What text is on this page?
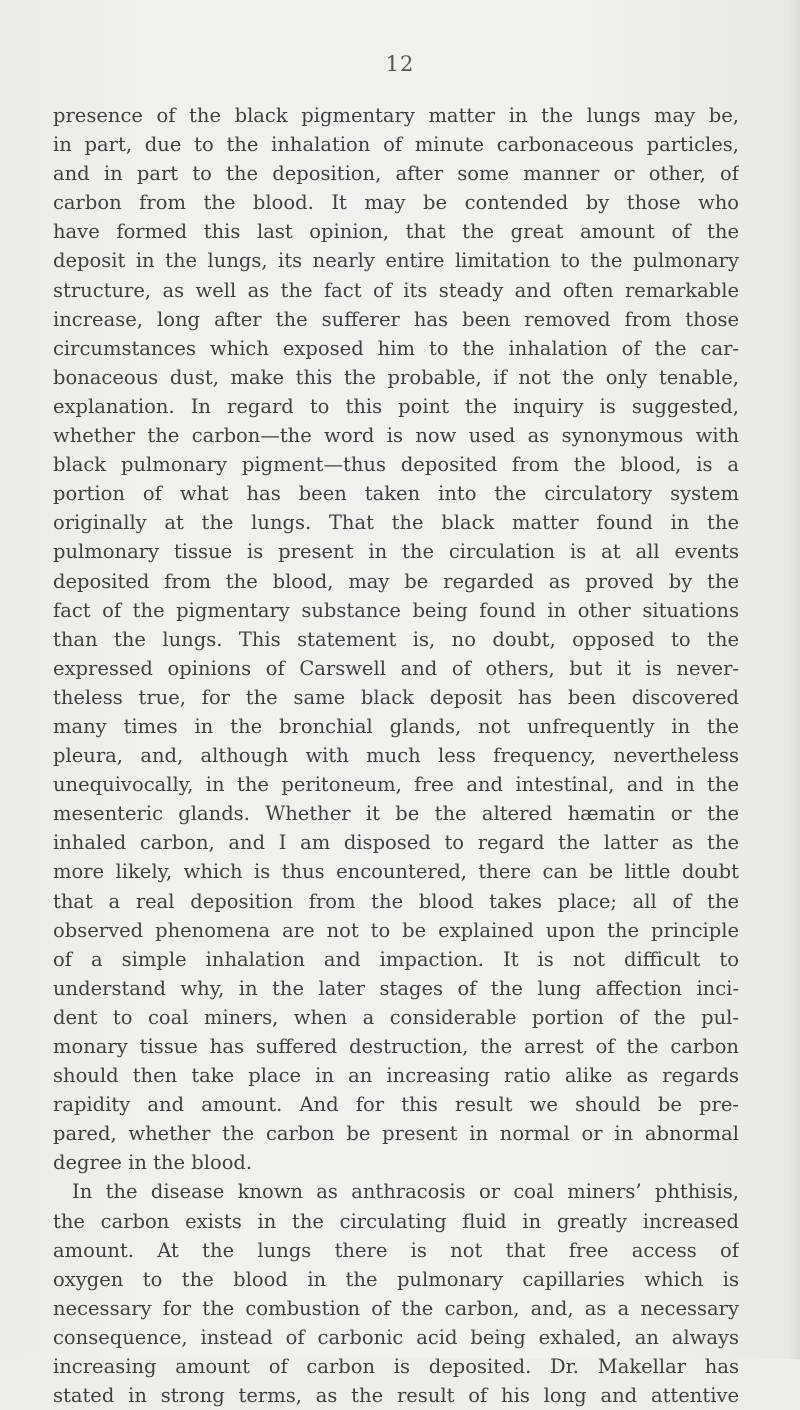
12
presence of the black pigmentary matter in the lungs may be,
in part, due to the inhalation of minute carbonaceous particles,
and in part to the deposition, after some manner or other, of
carbon from the blood. It may be contended by those who
have formed this last opinion, that the great amount of the
deposit in the lungs, its nearly entire limitation to the pulmonary
structure, as well as the fact of its steady and often remarkable
increase, long after the sufferer has been removed from those
circumstances which exposed him to the inhalation of the car-
bonaceous dust, make this the probable, if not the only tenable,
explanation. In regard to this point the inquiry is suggested,
whether the carbon—the word is now used as synonymous with
black pulmonary pigment—thus deposited from the blood, is a
portion of what has been taken into the circulatory system
originally at the lungs. That the black matter found in the
pulmonary tissue is present in the circulation is at all events
deposited from the blood, may be regarded as proved by the
fact of the pigmentary substance being found in other situations
than the lungs. This statement is, no doubt, opposed to the
expressed opinions of Carswell and of others, but it is never-
theless true, for the same black deposit has been discovered
many times in the bronchial glands, not unfrequently in the
pleura, and, although with much less frequency, nevertheless
unequivocally, in the peritoneum, free and intestinal, and in the
mesenteric glands. Whether it be the altered hæmatin or the
inhaled carbon, and I am disposed to regard the latter as the
more likely, which is thus encountered, there can be little doubt
that a real deposition from the blood takes place; all of the
observed phenomena are not to be explained upon the principle
of a simple inhalation and impaction. It is not difficult to
understand why, in the later stages of the lung affection inci-
dent to coal miners, when a considerable portion of the pul-
monary tissue has suffered destruction, the arrest of the carbon
should then take place in an increasing ratio alike as regards
rapidity and amount. And for this result we should be pre-
pared, whether the carbon be present in normal or in abnormal
degree in the blood.
In the disease known as anthracosis or coal miners’ phthisis,
the carbon exists in the circulating fluid in greatly increased
amount. At the lungs there is not that free access of
oxygen to the blood in the pulmonary capillaries which is
necessary for the combustion of the carbon, and, as a necessary
consequence, instead of carbonic acid being exhaled, an always
increasing amount of carbon is deposited. Dr. Makellar has
stated in strong terms, as the result of his long and attentive
